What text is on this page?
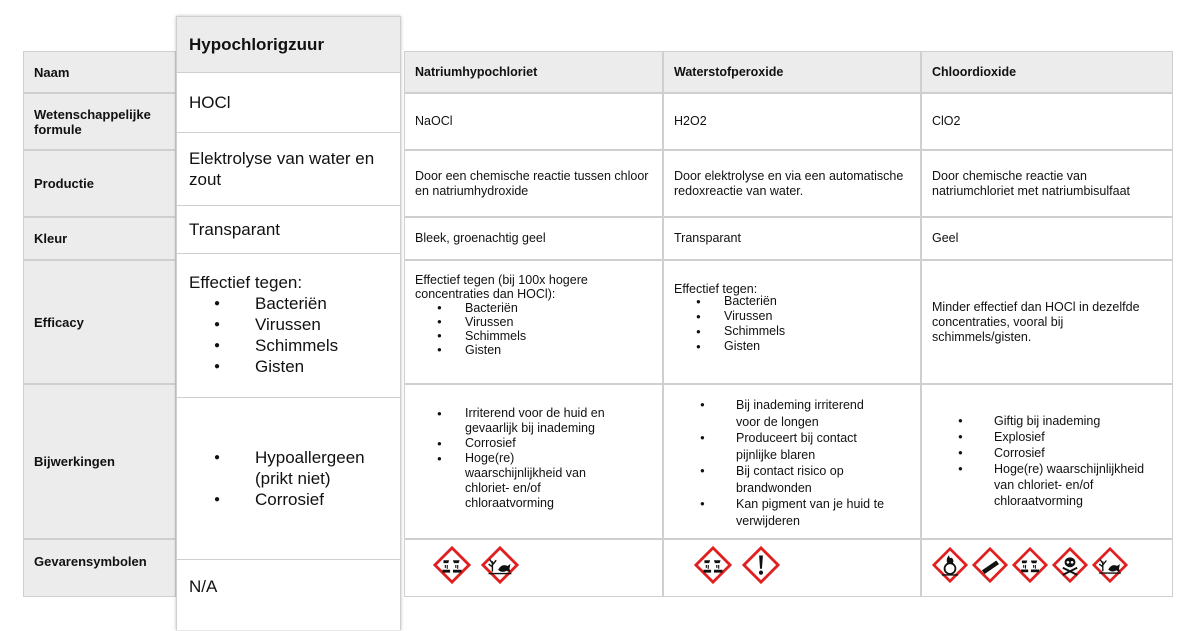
Naam
Wetenschappelijke formule
Productie
Kleur
Efficacy
Bijwerkingen
Gevarensymbolen
Hypochlorigzuur
HOCl
Elektrolyse van water en zout
Transparant
Effectief tegen:
● Bacteriën
● Virussen
● Schimmels
● Gisten
● Hypoallergeen (prikt niet)
● Corrosief
N/A
Natriumhypochloriet
NaOCl
Door een chemische reactie tussen chloor en natriumhydroxide
Bleek, groenachtig geel
Effectief tegen (bij 100x hogere concentraties dan HOCl):
● Bacteriën
● Virussen
● Schimmels
● Gisten
● Irriterend voor de huid en gevaarlijk bij inademing
● Corrosief
● Hoge(re) waarschijnlijkheid van chloriet- en/of chloraatvorming
Waterstofperoxide
H2O2
Door elektrolyse en via een automatische redoxreactie van water.
Transparant
Effectief tegen:
● Bacteriën
● Virussen
● Schimmels
● Gisten
● Bij inademing irriterend voor de longen
● Produceert bij contact pijnlijke blaren
● Bij contact risico op brandwonden
● Kan pigment van je huid te verwijderen
Chloordioxide
ClO2
Door chemische reactie van natriumchloriet met natriumbisulfaat
Geel
Minder effectief dan HOCl in dezelfde concentraties, vooral bij schimmels/gisten.
● Giftig bij inademing
● Explosief
● Corrosief
● Hoge(re) waarschijnlijkheid van chloriet- en/of chloraatvorming
